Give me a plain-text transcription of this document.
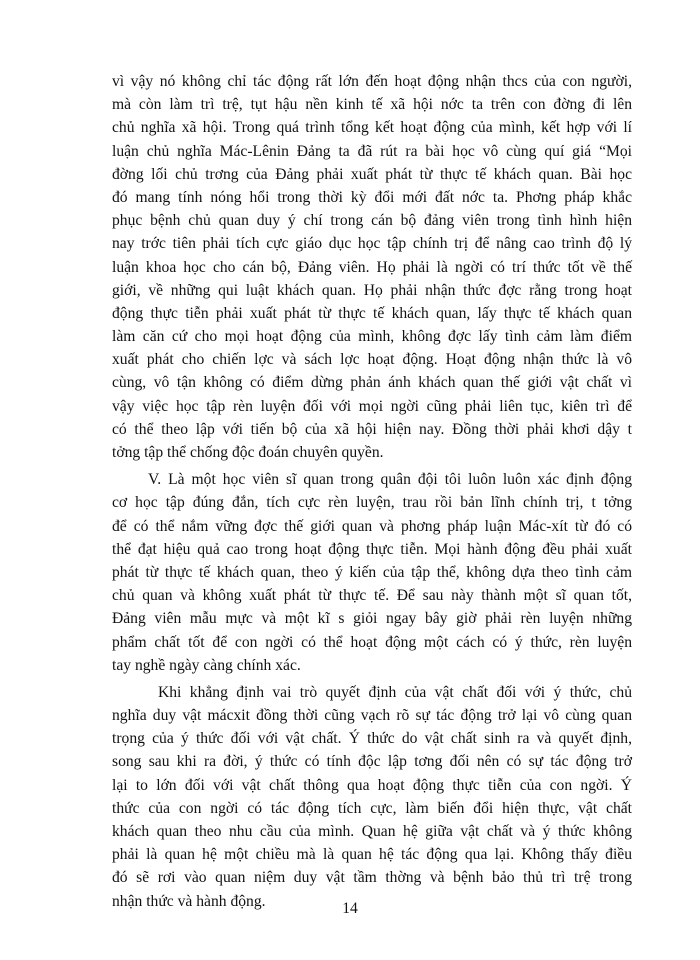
vì vậy nó không chỉ tác động rất lớn đến hoạt động nhận thcs của con người,
mà còn làm trì trệ, tụt hậu nền kinh tế xã hội nớc ta trên con đờng đi lên
chủ nghĩa xã hội. Trong quá trình tổng kết hoạt động của mình, kết hợp với lí
luận chủ nghĩa Mác-Lênin Đảng ta đã rút ra bài học vô cùng quí giá “Mọi
đờng lối chủ trơng của Đảng phải xuất phát từ thực tế khách quan. Bài học
đó mang tính nóng hổi trong thời kỳ đổi mới đất nớc ta. Phơng pháp khắc
phục bệnh chủ quan duy ý chí trong cán bộ đảng viên trong tình hình hiện
nay trớc tiên phải tích cực giáo dục học tập chính trị để nâng cao trình độ lý
luận khoa học cho cán bộ, Đảng viên. Họ phải là ngời có trí thức tốt về thế
giới, về những qui luật khách quan. Họ phải nhận thức đợc rằng trong hoạt
động thực tiễn phải xuất phát từ thực tế khách quan, lấy thực tế khách quan
làm căn cứ cho mọi hoạt động của mình, không đợc lấy tình cảm làm điểm
xuất phát cho chiến lợc và sách lợc hoạt động. Hoạt động nhận thức là vô
cùng, vô tận không có điểm dừng phản ánh khách quan thế giới vật chất vì
vậy việc học tập rèn luyện đối với mọi ngời cũng phải liên tục, kiên trì để
có thể theo lập với tiến bộ của xã hội hiện nay. Đồng thời phải khơi dậy t
tởng tập thể chống độc đoán chuyên quyền.
V. Là một học viên sĩ quan trong quân đội tôi luôn luôn xác định động
cơ học tập đúng đắn, tích cực rèn luyện, trau rồi bản lĩnh chính trị, t tởng
để có thể nắm vững đợc thế giới quan và phơng pháp luận Mác-xít từ đó có
thể đạt hiệu quả cao trong hoạt động thực tiễn. Mọi hành động đều phải xuất
phát từ thực tế khách quan, theo ý kiến của tập thể, không dựa theo tình cảm
chủ quan và không xuất phát từ thực tế. Để sau này thành một sĩ quan tốt,
Đảng viên mẫu mực và một kĩ s giỏi ngay bây giờ phải rèn luyện những
phẩm chất tốt để con ngời có thể hoạt động một cách có ý thức, rèn luyện
tay nghề ngày càng chính xác.
Khi khẳng định vai trò quyết định của vật chất đối với ý thức, chủ
nghĩa duy vật mácxit đồng thời cũng vạch rõ sự tác động trở lại vô cùng quan
trọng của ý thức đối với vật chất. Ý thức do vật chất sinh ra và quyết định,
song sau khi ra đời, ý thức có tính độc lập tơng đối nên có sự tác động trở
lại to lớn đối với vật chất thông qua hoạt động thực tiễn của con ngời. Ý
thức của con ngời có tác động tích cực, làm biến đổi hiện thực, vật chất
khách quan theo nhu cầu của mình. Quan hệ giữa vật chất và ý thức không
phải là quan hệ một chiều mà là quan hệ tác động qua lại. Không thấy điều
đó sẽ rơi vào quan niệm duy vật tầm thờng và bệnh bảo thủ trì trệ trong
nhận thức và hành động.	14
